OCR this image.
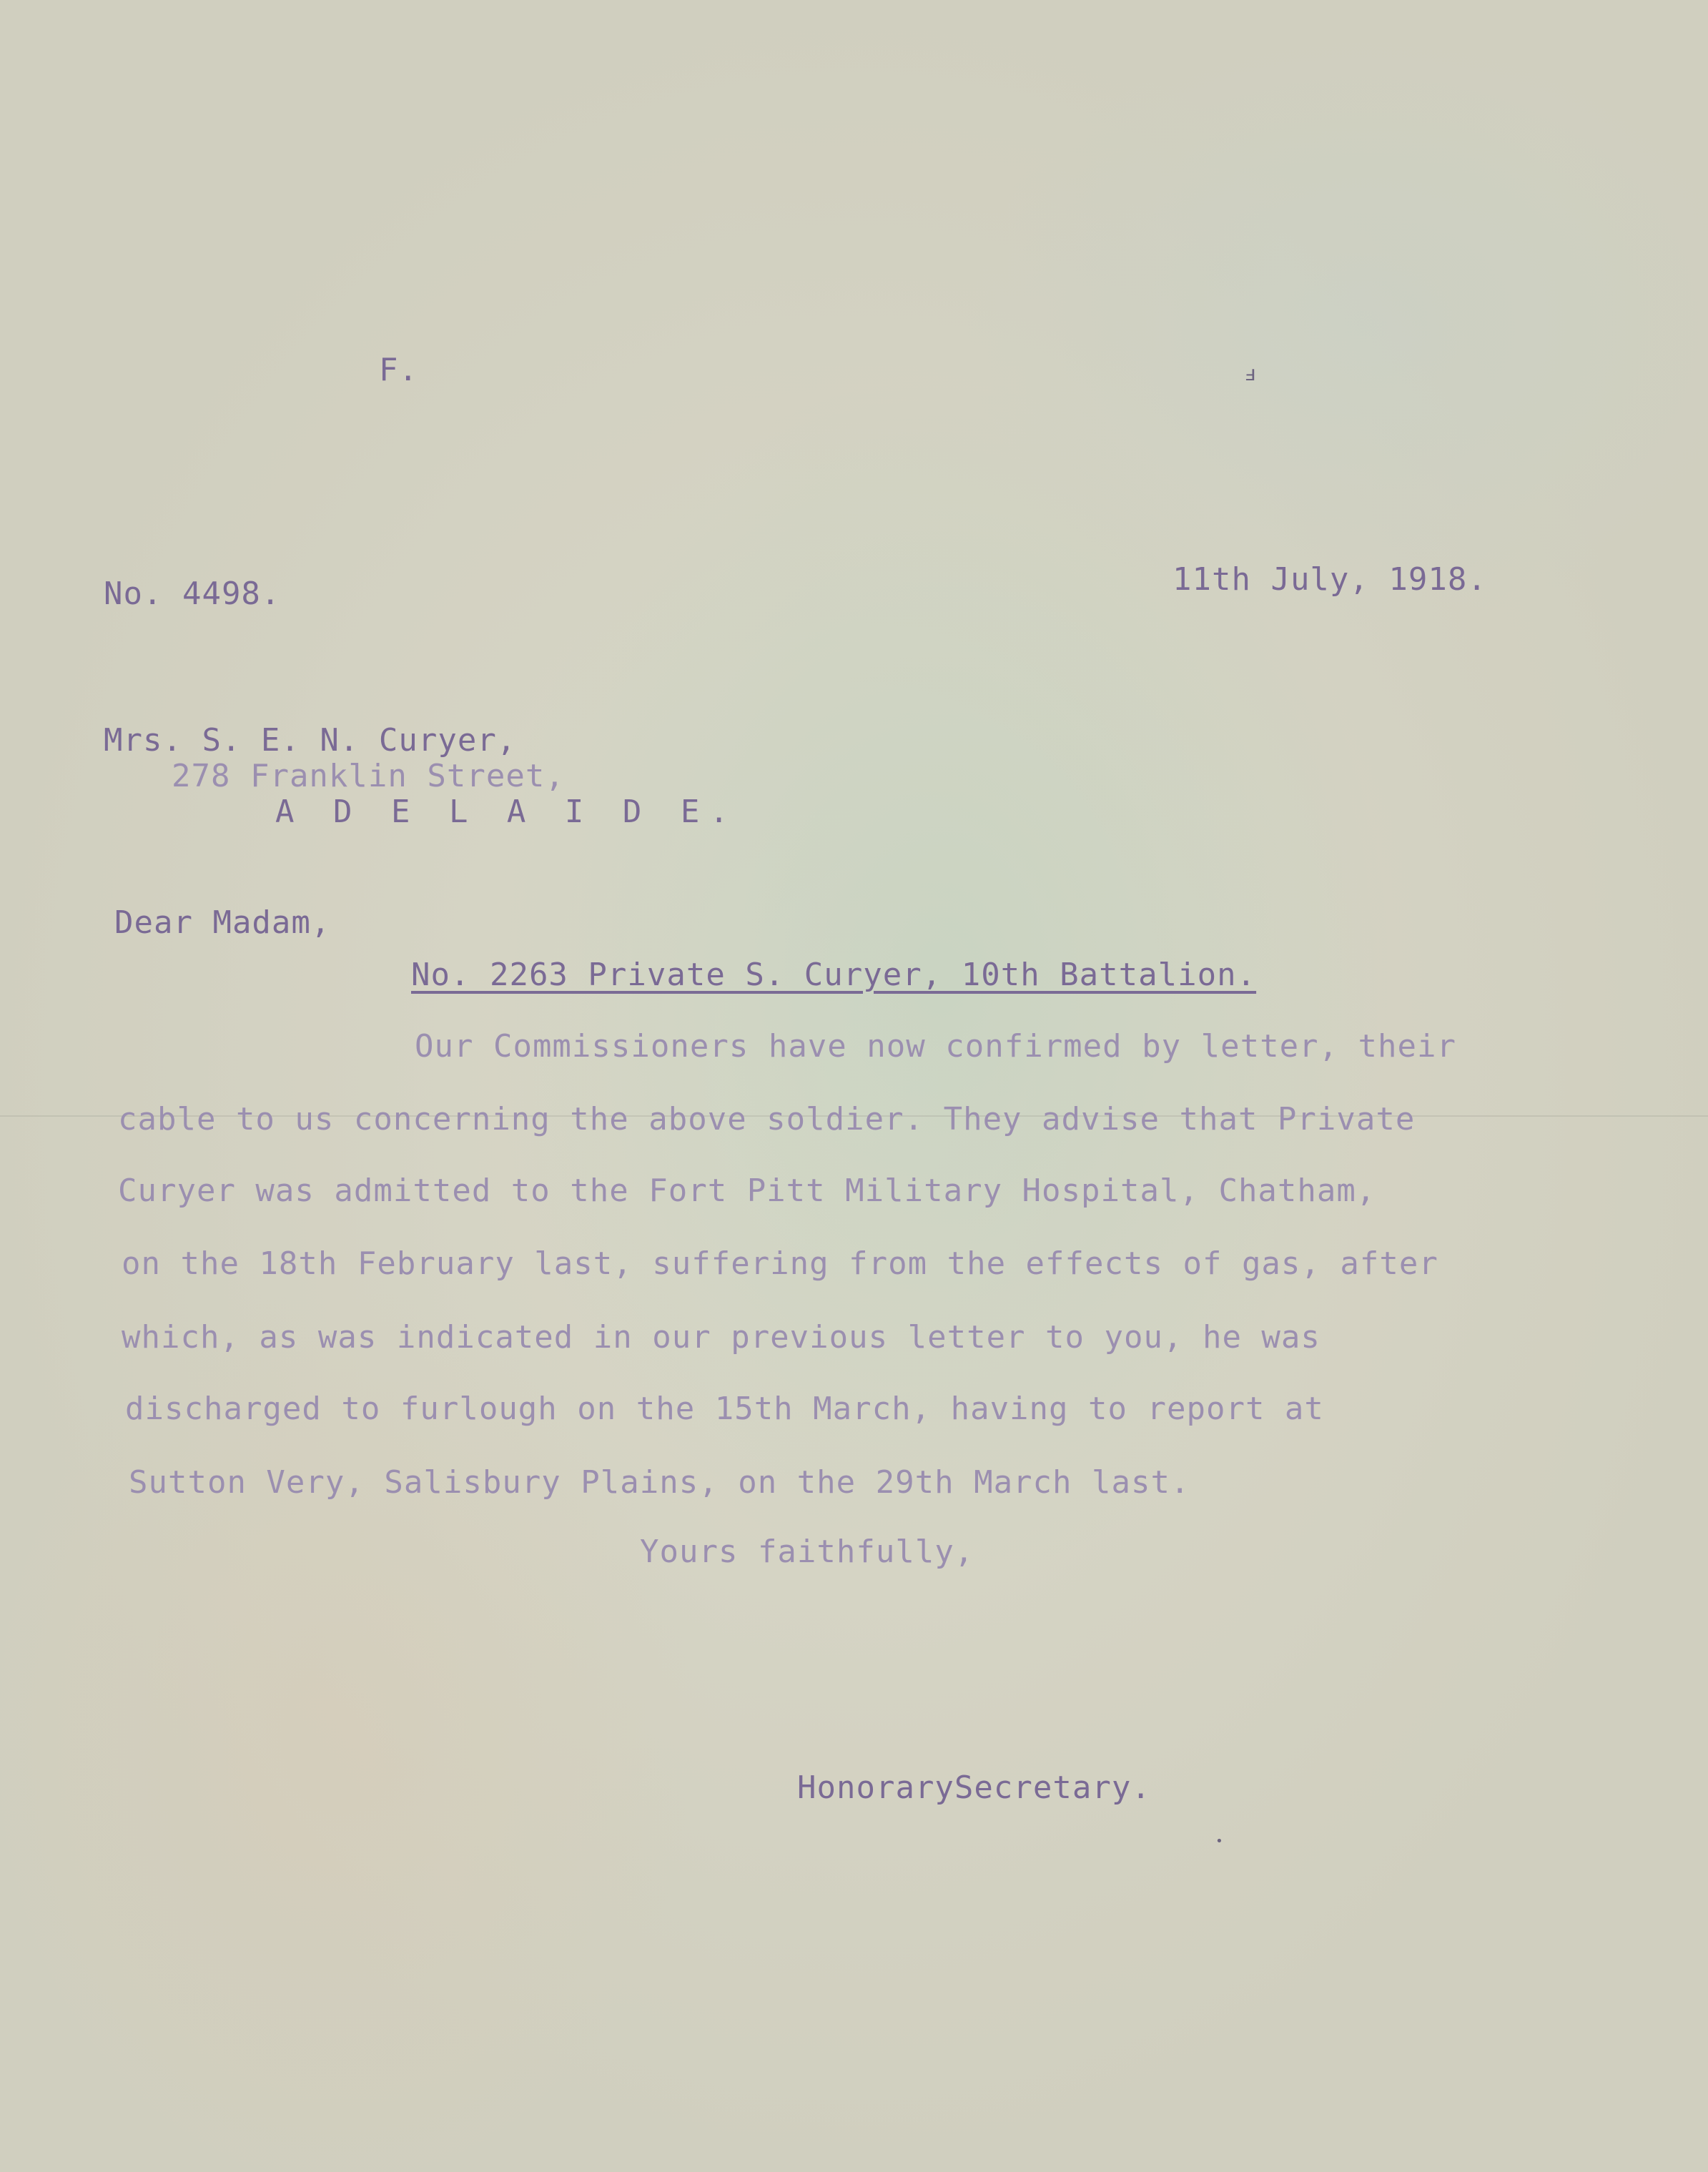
F.	ⅎ
No. 4498.	11th July, 1918.
Mrs. S. E. N. Curyer,
278 Franklin Street,
A D E L A I D E.
Dear Madam,
No. 2263 Private S. Curyer, 10th Battalion.
Our Commissioners have now confirmed by letter, their
cable to us concerning the above soldier. They advise that Private
Curyer was admitted to the Fort Pitt Military Hospital, Chatham,
on the 18th February last, suffering from the effects of gas, after
which, as was indicated in our previous letter to you, he was
discharged to furlough on the 15th March, having to report at
Sutton Very, Salisbury Plains, on the 29th March last.
Yours faithfully,
HonorarySecretary.
•
